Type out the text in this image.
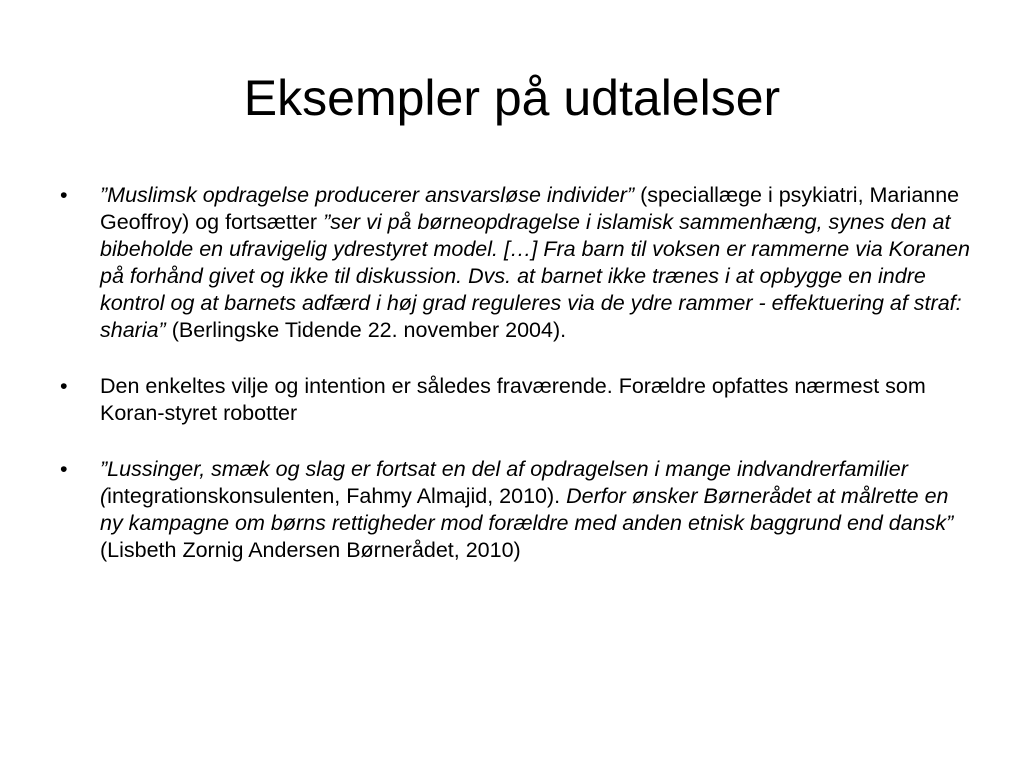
Eksempler på udtalelser
• ”Muslimsk opdragelse producerer ansvarsløse individer” (speciallæge i psykiatri, Marianne Geoffroy) og fortsætter ”ser vi på børneopdragelse i islamisk sammenhæng, synes den at bibeholde en ufravigelig ydrestyret model. […] Fra barn til voksen er rammerne via Koranen på forhånd givet og ikke til diskussion. Dvs. at barnet ikke trænes i at opbygge en indre kontrol og at barnets adfærd i høj grad reguleres via de ydre rammer - effektuering af straf: sharia” (Berlingske Tidende 22. november 2004).
• Den enkeltes vilje og intention er således fraværende. Forældre opfattes nærmest som Koran-styret robotter
• ”Lussinger, smæk og slag er fortsat en del af opdragelsen i mange indvandrerfamilier (integrationskonsulenten, Fahmy Almajid, 2010). Derfor ønsker Børnerådet at målrette en ny kampagne om børns rettigheder mod forældre med anden etnisk baggrund end dansk” (Lisbeth Zornig Andersen Børnerådet, 2010)
